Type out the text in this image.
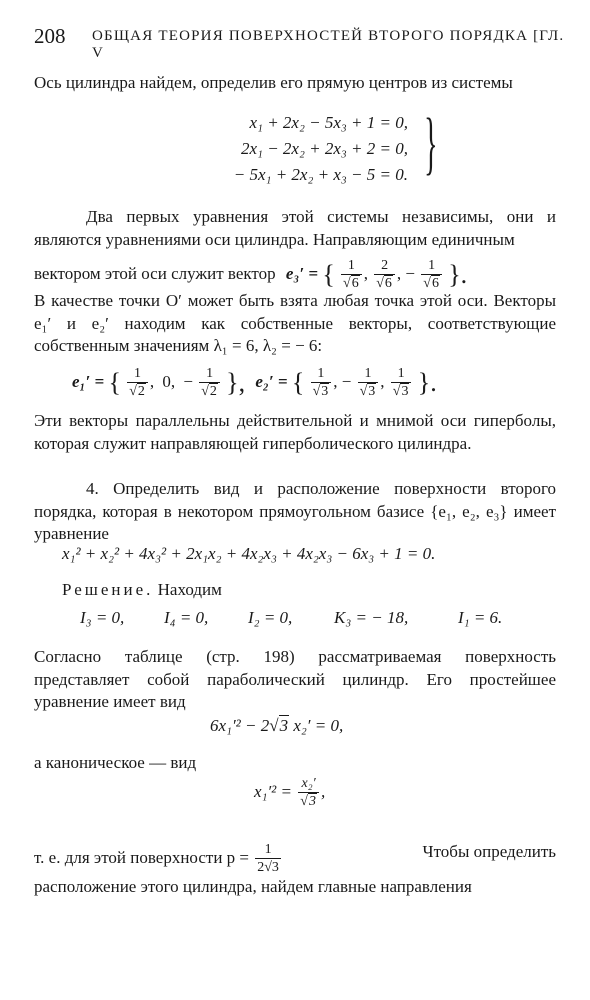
208 ОБЩАЯ ТЕОРИЯ ПОВЕРХНОСТЕЙ ВТОРОГО ПОРЯДКА [ГЛ. V

Ось цилиндра найдем, определив его прямую центров из системы

x₁ + 2x₂ − 5x₃ + 1 = 0,
2x₁ − 2x₂ + 2x₃ + 2 = 0,
− 5x₁ + 2x₂ + x₃ − 5 = 0. }

Два первых уравнения этой системы независимы, они и являются уравнениями оси цилиндра. Направляющим единичным

вектором этой оси служит вектор e₃′ = { $\frac{1}{√6}$ , $\frac{2}{√6}$ , − $\frac{1}{√6}$ }.

В качестве точки O′ может быть взята любая точка этой оси. Векторы e₁′ и e₂′ находим как собственные векторы, соответствующие собственным значениям λ₁ = 6, λ₂ = − 6:

e₁′ = { $\frac{1}{√2}$ , 0, − $\frac{1}{√2}$ }, e₂′ = { $\frac{1}{√3}$ , − $\frac{1}{√3}$ , $\frac{1}{√3}$ }.

Эти векторы параллельны действительной и мнимой оси гиперболы, которая служит направляющей гиперболического цилиндра.

4. Определить вид и расположение поверхности второго порядка, которая в некотором прямоугольном базисе {e₁, e₂, e₃} имеет уравнение

x₁² + x₂² + 4x₃² + 2x₁x₂ + 4x₂x₃ + 4x₂x₃ − 6x₃ + 1 = 0.
Решение. Находим
I₃ = 0, I₄ = 0, I₂ = 0, K₃ = − 18,	I₁ = 6.

Согласно таблице (стр. 198) рассматриваемая поверхность представляет собой параболический цилиндр. Его простейшее уравнение имеет вид

6x₁′² − 2√3 x₂′ = 0,

а каноническое — вид

$x_1'^2 = \frac{\text{x₂′}}{√3}$ ,
т. е. для этой поверхности $p = \frac{1}{2√3}$	Чтобы определить

расположение этого цилиндра, найдем главные направления
